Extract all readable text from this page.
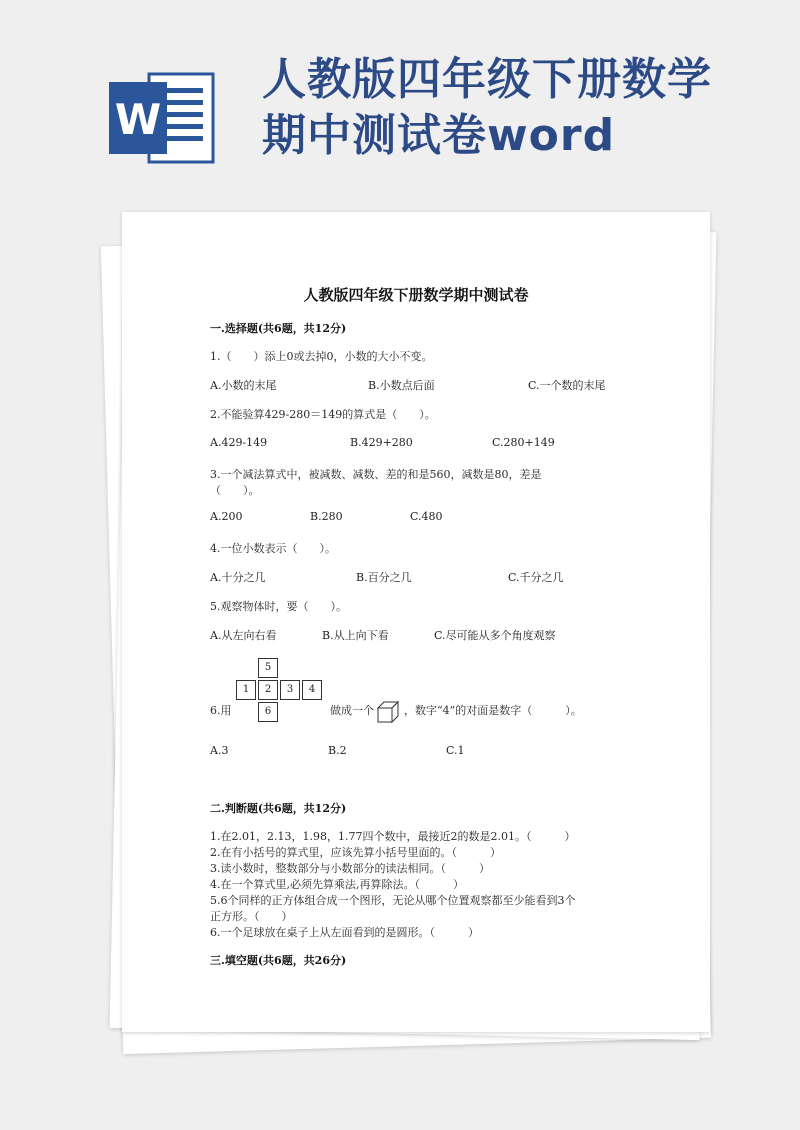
W
人教版四年级下册数学
期中测试卷word
人教版四年级下册数学期中测试卷
一.选择题(共6题，共12分)
1.（　　）添上0或去掉0，小数的大小不变。
A.小数的末尾	B.小数点后面	C.一个数的末尾
2.不能验算429-280＝149的算式是（　　）。
A.429-149	B.429+280	C.280+149
3.一个减法算式中，被减数、减数、差的和是560，减数是80，差是
（　　）。
A.200	B.280	C.480
4.一位小数表示（　　）。
A.十分之几	B.百分之几	C.千分之几
5.观察物体时，要（　　）。
A.从左向右看	B.从上向下看	C.尽可能从多个角度观察
6.用
5
1	2	3	4
6	做成一个	，数字“4”的对面是数字（　　　）。
A.3	B.2	C.1
二.判断题(共6题，共12分)
1.在2.01，2.13，1.98，1.77四个数中，最接近2的数是2.01。（　　　）
2.在有小括号的算式里，应该先算小括号里面的。（　　　）
3.读小数时，整数部分与小数部分的读法相同。（　　　）
4.在一个算式里,必须先算乘法,再算除法。（　　　）
5.6个同样的正方体组合成一个图形，无论从哪个位置观察都至少能看到3个
正方形。（　　）
6.一个足球放在桌子上从左面看到的是圆形。（　　　）
三.填空题(共6题，共26分)
